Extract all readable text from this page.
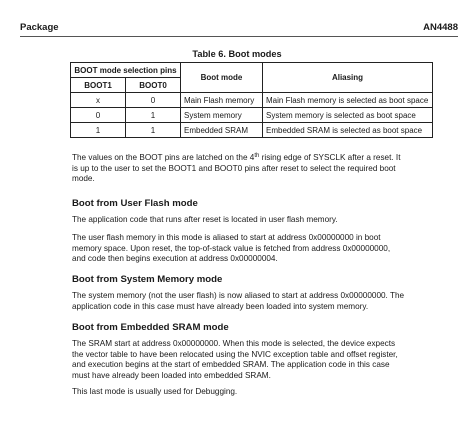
Package	AN4488
Table 6. Boot modes
BOOT mode selection pins		Boot mode	Aliasing
BOOT1	BOOT0		
x	0	Main Flash memory	Main Flash memory is selected as boot space
0	1	System memory	System memory is selected as boot space
1	1	Embedded SRAM	Embedded SRAM is selected as boot space
The values on the BOOT pins are latched on the 4th rising edge of SYSCLK after a reset. It
is up to the user to set the BOOT1 and BOOT0 pins after reset to select the required boot
mode.
Boot from User Flash mode
The application code that runs after reset is located in user flash memory.
The user flash memory in this mode is aliased to start at address 0x00000000 in boot
memory space. Upon reset, the top-of-stack value is fetched from address 0x00000000,
and code then begins execution at address 0x00000004.
Boot from System Memory mode
The system memory (not the user flash) is now aliased to start at address 0x00000000. The
application code in this case must have already been loaded into system memory.
Boot from Embedded SRAM mode
The SRAM start at address 0x00000000. When this mode is selected, the device expects
the vector table to have been relocated using the NVIC exception table and offset register,
and execution begins at the start of embedded SRAM. The application code in this case
must have already been loaded into embedded SRAM.
This last mode is usually used for Debugging.
